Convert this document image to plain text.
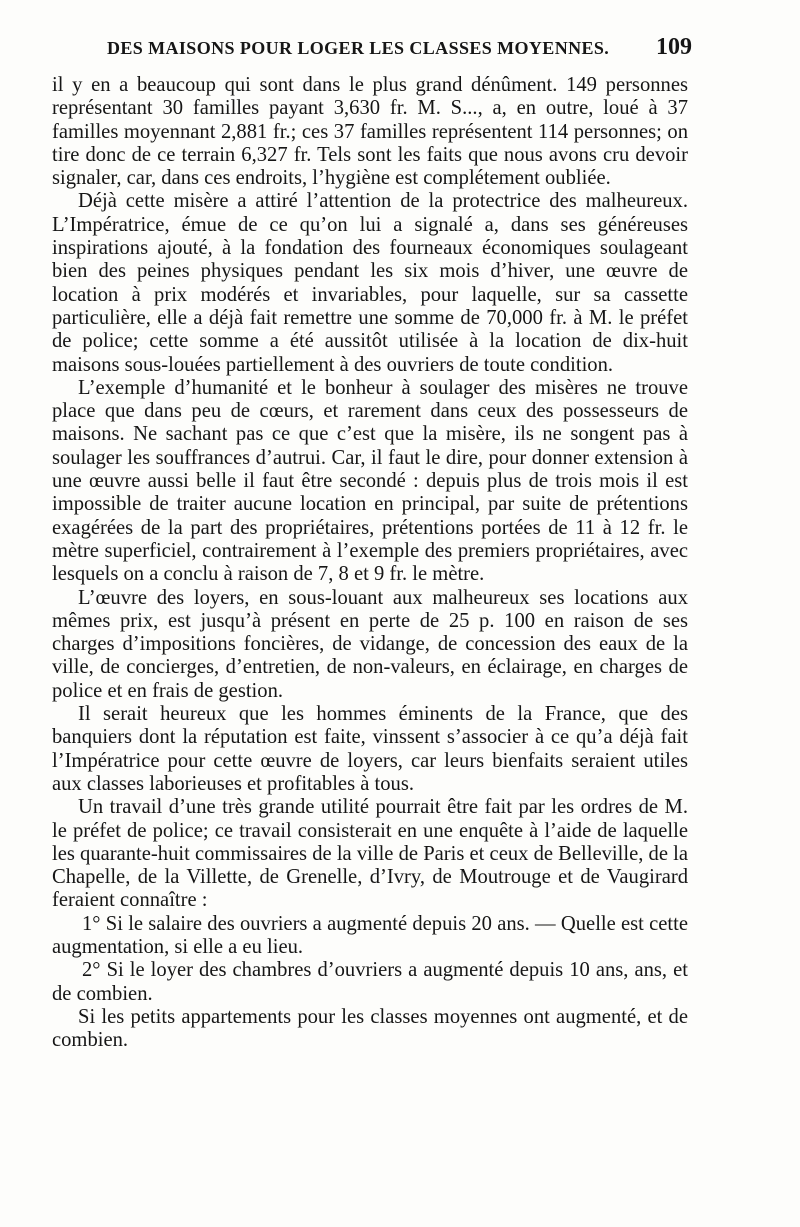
DES MAISONS POUR LOGER LES CLASSES MOYENNES. 109

il y en a beaucoup qui sont dans le plus grand dénûment. 149 personnes représentant 30 familles payant 3,630 fr. M. S..., a, en outre, loué à 37 familles moyennant 2,881 fr.; ces 37 familles représentent 114 personnes; on tire donc de ce terrain 6,327 fr. Tels sont les faits que nous avons cru devoir signaler, car, dans ces endroits, l’hygiène est complétement oubliée.

Déjà cette misère a attiré l’attention de la protectrice des malheureux. L’Impératrice, émue de ce qu’on lui a signalé a, dans ses généreuses inspirations ajouté, à la fondation des fourneaux économiques soulageant bien des peines physiques pendant les six mois d’hiver, une œuvre de location à prix modérés et invariables, pour laquelle, sur sa cassette particulière, elle a déjà fait remettre une somme de 70,000 fr. à M. le préfet de police; cette somme a été aussitôt utilisée à la location de dix-huit maisons sous-louées partiellement à des ouvriers de toute condition.

L’exemple d’humanité et le bonheur à soulager des misères ne trouve place que dans peu de cœurs, et rarement dans ceux des possesseurs de maisons. Ne sachant pas ce que c’est que la misère, ils ne songent pas à soulager les souffrances d’autrui. Car, il faut le dire, pour donner extension à une œuvre aussi belle il faut être secondé : depuis plus de trois mois il est impossible de traiter aucune location en principal, par suite de prétentions exagérées de la part des propriétaires, prétentions portées de 11 à 12 fr. le mètre superficiel, contrairement à l’exemple des premiers propriétaires, avec lesquels on a conclu à raison de 7, 8 et 9 fr. le mètre.

L’œuvre des loyers, en sous-louant aux malheureux ses locations aux mêmes prix, est jusqu’à présent en perte de 25 p. 100 en raison de ses charges d’impositions foncières, de vidange, de concession des eaux de la ville, de concierges, d’entretien, de non-valeurs, en éclairage, en charges de police et en frais de gestion.

Il serait heureux que les hommes éminents de la France, que des banquiers dont la réputation est faite, vinssent s’associer à ce qu’a déjà fait l’Impératrice pour cette œuvre de loyers, car leurs bienfaits seraient utiles aux classes laborieuses et profitables à tous.

Un travail d’une très grande utilité pourrait être fait par les ordres de M. le préfet de police; ce travail consisterait en une enquête à l’aide de laquelle les quarante-huit commissaires de la ville de Paris et ceux de Belleville, de la Chapelle, de la Villette, de Grenelle, d’Ivry, de Moutrouge et de Vaugirard feraient connaître :

1° Si le salaire des ouvriers a augmenté depuis 20 ans. — Quelle est cette augmentation, si elle a eu lieu.

2° Si le loyer des chambres d’ouvriers a augmenté depuis 10 ans, ans, et de combien.

Si les petits appartements pour les classes moyennes ont augmenté, et de combien.
